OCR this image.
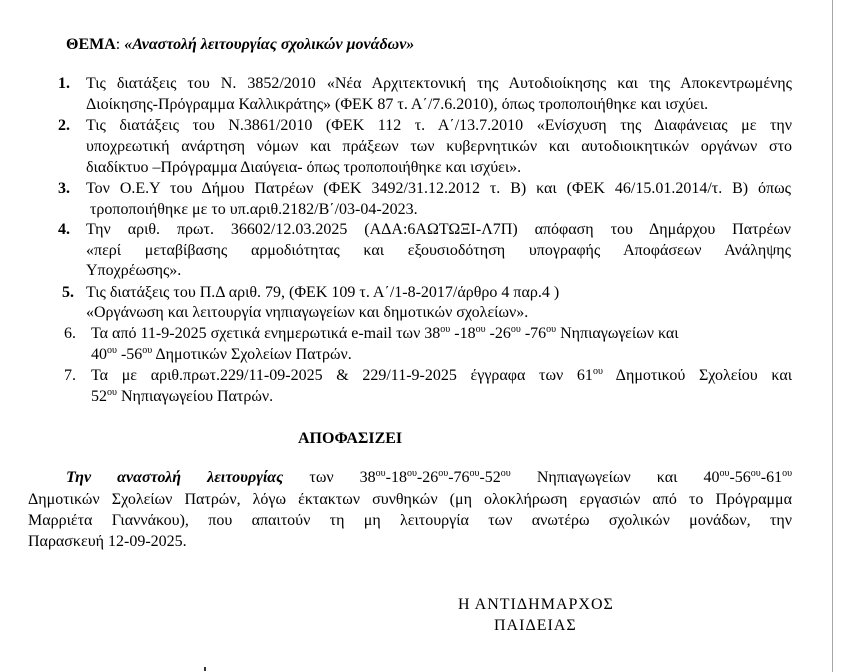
ΘΕΜΑ: «Αναστολή λειτουργίας σχολικών μονάδων»
1. Τις διατάξεις του Ν. 3852/2010 «Νέα Αρχιτεκτονική της Αυτοδιοίκησης και της Αποκεντρωμένης
Διοίκησης-Πρόγραμμα Καλλικράτης» (ΦΕΚ 87 τ. Α΄/7.6.2010), όπως τροποποιήθηκε και ισχύει.
2. Τις διατάξεις του Ν.3861/2010 (ΦΕΚ 112 τ. Α΄/13.7.2010 «Ενίσχυση της Διαφάνειας με την
υποχρεωτική ανάρτηση νόμων και πράξεων των κυβερνητικών και αυτοδιοικητικών οργάνων στο
διαδίκτυο –Πρόγραμμα Διαύγεια- όπως τροποποιήθηκε και ισχύει».
3. Τον Ο.Ε.Υ του Δήμου Πατρέων (ΦΕΚ 3492/31.12.2012 τ. Β) και (ΦΕΚ 46/15.01.2014/τ. Β) όπως
τροποποιήθηκε με το υπ.αριθ.2182/Β΄/03-04-2023.
4. Την αριθ. πρωτ. 36602/12.03.2025 (ΑΔΑ:6ΑΩΤΩΞΙ-Λ7Π) απόφαση του Δημάρχου Πατρέων
«περί μεταβίβασης αρμοδιότητας και εξουσιοδότηση υπογραφής Αποφάσεων Ανάληψης
Υποχρέωσης».
5. Τις διατάξεις του Π.Δ αριθ. 79, (ΦΕΚ 109 τ. Α΄/1-8-2017/άρθρο 4 παρ.4 )
«Οργάνωση και λειτουργία νηπιαγωγείων και δημοτικών σχολείων».
6. Τα από 11-9-2025 σχετικά ενημερωτικά e-mail των $38^{o\upsilon}$ $-18^{o\upsilon}$ $-26^{o\upsilon}$ $-76^{o\upsilon}$ Νηπιαγωγείων και
$40^{o\upsilon}$ $-56^{o\upsilon}$ Δημοτικών Σχολείων Πατρών.
7. Τα με αριθ.πρωτ.229/11-09-2025 & 229/11-9-2025 έγγραφα των $61^{o\upsilon}$ Δημοτικού Σχολείου και
$52^{o\upsilon}$ Νηπιαγωγείου Πατρών.
ΑΠΟΦΑΣΙΖΕΙ
Την αναστολή λειτουργίας των $38^{o\upsilon}-18^{o\upsilon}-26^{o\upsilon}-76^{o\upsilon}-52^{o\upsilon}$ Νηπιαγωγείων και $40^{o\upsilon}-56^{o\upsilon}-61^{o\upsilon}$
Δημοτικών Σχολείων Πατρών, λόγω έκτακτων συνθηκών (μη ολοκλήρωση εργασιών από το Πρόγραμμα
Μαρριέτα Γιαννάκου), που απαιτούν τη μη λειτουργία των ανωτέρω σχολικών μονάδων, την
Παρασκευή 12-09-2025.
Η ΑΝΤΙΔΗΜΑΡΧΟΣ
ΠΑΙΔΕΙΑΣ
